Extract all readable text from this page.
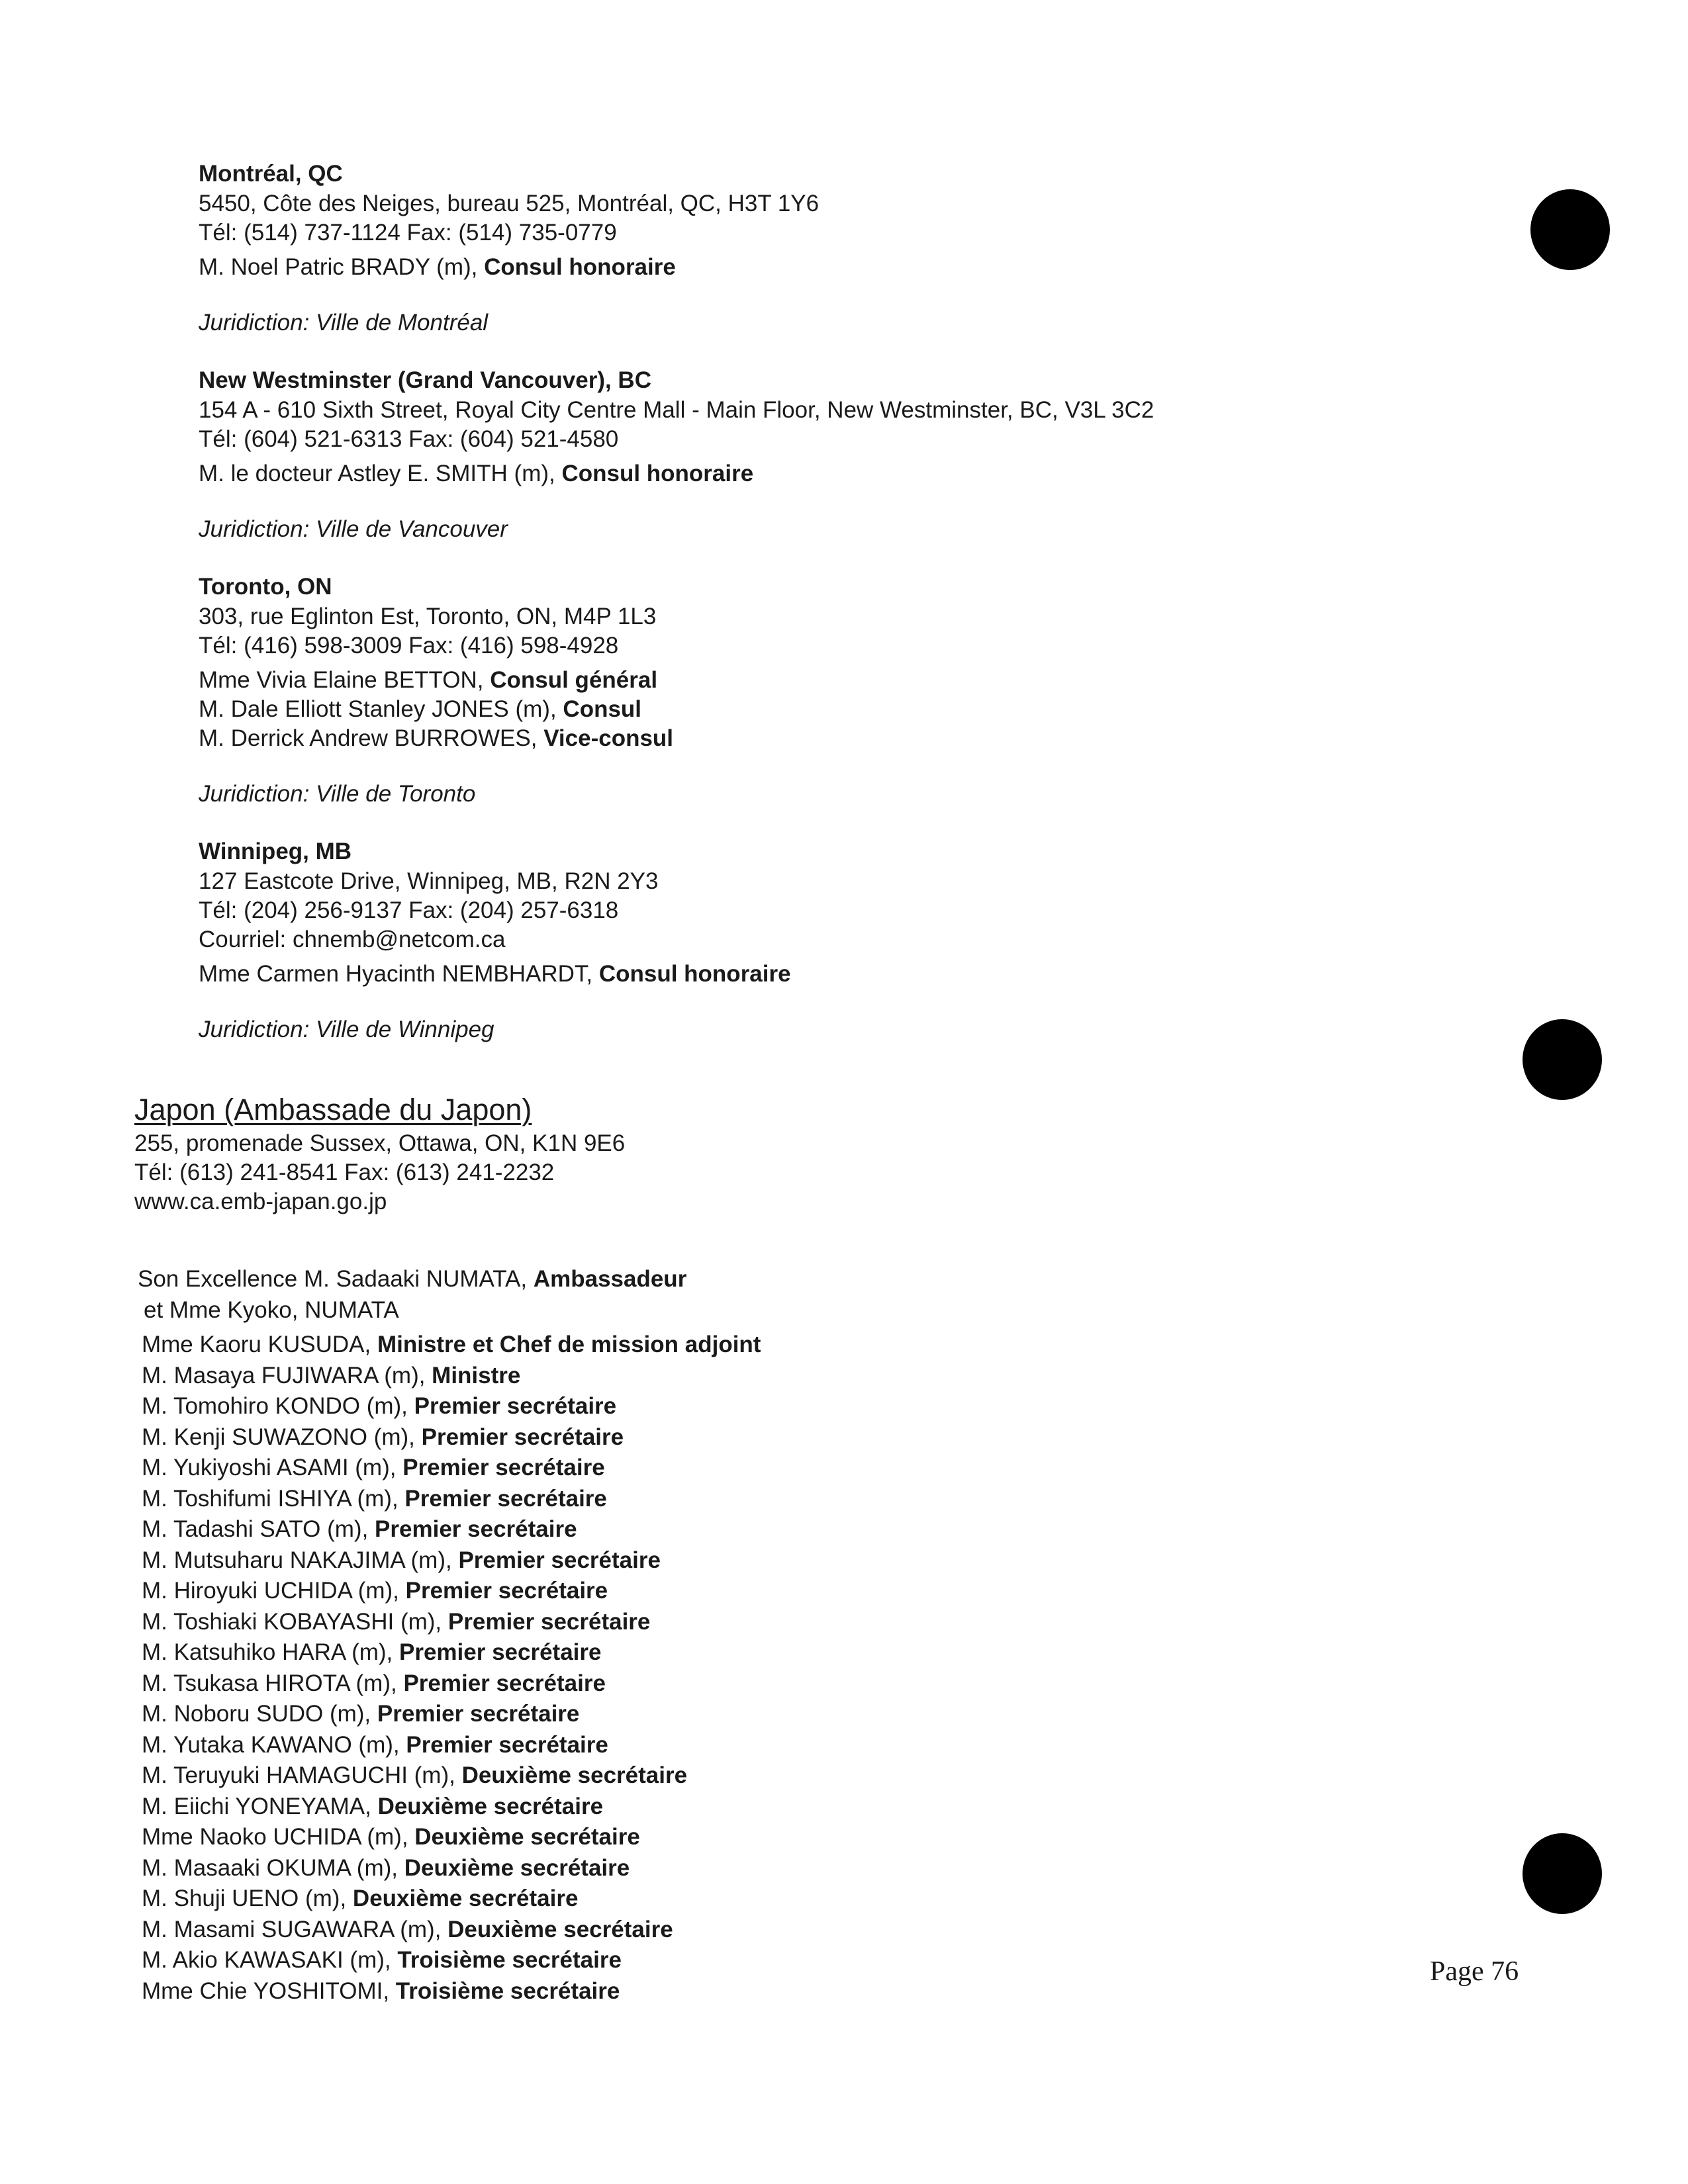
Montréal, QC
5450, Côte des Neiges, bureau 525, Montréal, QC, H3T 1Y6
Tél: (514) 737-1124 Fax: (514) 735-0779
M. Noel Patric BRADY (m), Consul honoraire
Juridiction: Ville de Montréal
New Westminster (Grand Vancouver), BC
154 A - 610 Sixth Street, Royal City Centre Mall - Main Floor, New Westminster, BC, V3L 3C2
Tél: (604) 521-6313 Fax: (604) 521-4580
M. le docteur Astley E. SMITH (m), Consul honoraire
Juridiction: Ville de Vancouver
Toronto, ON
303, rue Eglinton Est, Toronto, ON, M4P 1L3
Tél: (416) 598-3009 Fax: (416) 598-4928
Mme Vivia Elaine BETTON, Consul général
M. Dale Elliott Stanley JONES (m), Consul
M. Derrick Andrew BURROWES, Vice-consul
Juridiction: Ville de Toronto
Winnipeg, MB
127 Eastcote Drive, Winnipeg, MB, R2N 2Y3
Tél: (204) 256-9137 Fax: (204) 257-6318
Courriel: chnemb@netcom.ca
Mme Carmen Hyacinth NEMBHARDT, Consul honoraire
Juridiction: Ville de Winnipeg
Japon (Ambassade du Japon)
255, promenade Sussex, Ottawa, ON, K1N 9E6
Tél: (613) 241-8541 Fax: (613) 241-2232
www.ca.emb-japan.go.jp
Son Excellence M. Sadaaki NUMATA, Ambassadeur
et Mme Kyoko, NUMATA
Mme Kaoru KUSUDA, Ministre et Chef de mission adjoint
M. Masaya FUJIWARA (m), Ministre
M. Tomohiro KONDO (m), Premier secrétaire
M. Kenji SUWAZONO (m), Premier secrétaire
M. Yukiyoshi ASAMI (m), Premier secrétaire
M. Toshifumi ISHIYA (m), Premier secrétaire
M. Tadashi SATO (m), Premier secrétaire
M. Mutsuharu NAKAJIMA (m), Premier secrétaire
M. Hiroyuki UCHIDA (m), Premier secrétaire
M. Toshiaki KOBAYASHI (m), Premier secrétaire
M. Katsuhiko HARA (m), Premier secrétaire
M. Tsukasa HIROTA (m), Premier secrétaire
M. Noboru SUDO (m), Premier secrétaire
M. Yutaka KAWANO (m), Premier secrétaire
M. Teruyuki HAMAGUCHI (m), Deuxième secrétaire
M. Eiichi YONEYAMA, Deuxième secrétaire
Mme Naoko UCHIDA (m), Deuxième secrétaire
M. Masaaki OKUMA (m), Deuxième secrétaire
M. Shuji UENO (m), Deuxième secrétaire
M. Masami SUGAWARA (m), Deuxième secrétaire
M. Akio KAWASAKI (m), Troisième secrétaire
Mme Chie YOSHITOMI, Troisième secrétaire
Page 76
